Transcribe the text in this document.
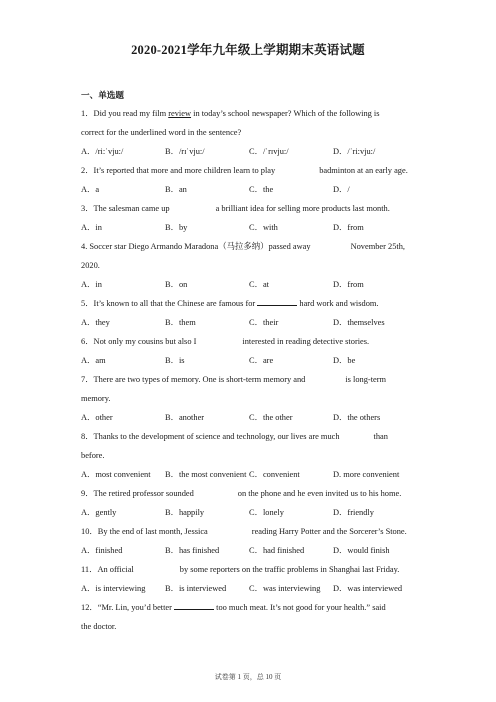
2020-2021学年九年级上学期期末英语试题
一、单选题
1．Did you read my film review in today’s school newspaper? Which of the following is
correct for the underlined word in the sentence?
A．/ri:ˈvju:/	B．/rɪˈvju:/	C．/ˈrɪvju:/	D．/ˈri:vju:/
2．It’s reported that more and more children learn to play	badminton at an early age.
A．a	B．an	C．the	D．/
3．The salesman came up	a brilliant idea for selling more products last month.
A．in	B．by	C．with	D．from
4. Soccer star Diego Armando Maradona（马拉多纳）passed away	November 25th,
2020.
A．in	B．on	C．at	D．from
5．It’s known to all that the Chinese are famous for	hard work and wisdom.
A．they	B．them	C．their	D．themselves
6．Not only my cousins but also I	interested in reading detective stories.
A．am	B．is	C．are	D．be
7．There are two types of memory. One is short-term memory and	is long-term
memory.
A．other	B．another	C．the other	D．the others
8．Thanks to the development of science and technology, our lives are much	than
before.
A．most convenient	B．the most convenient C．convenient	D. more convenient
9．The retired professor sounded	on the phone and he even invited us to his home.
A．gently	B．happily	C．lonely	D．friendly
10．By the end of last month, Jessica	reading Harry Potter and the Sorcerer’s Stone.
A．finished	B．has finished	C．had finished	D．would finish
11．An official	by some reporters on the traffic problems in Shanghai last Friday.
A．is interviewing	B．is interviewed	C．was interviewing	D．was interviewed
12．“Mr. Lin, you’d better	too much meat. It’s not good for your health.” said
the doctor.
试卷第 1 页，总 10 页
